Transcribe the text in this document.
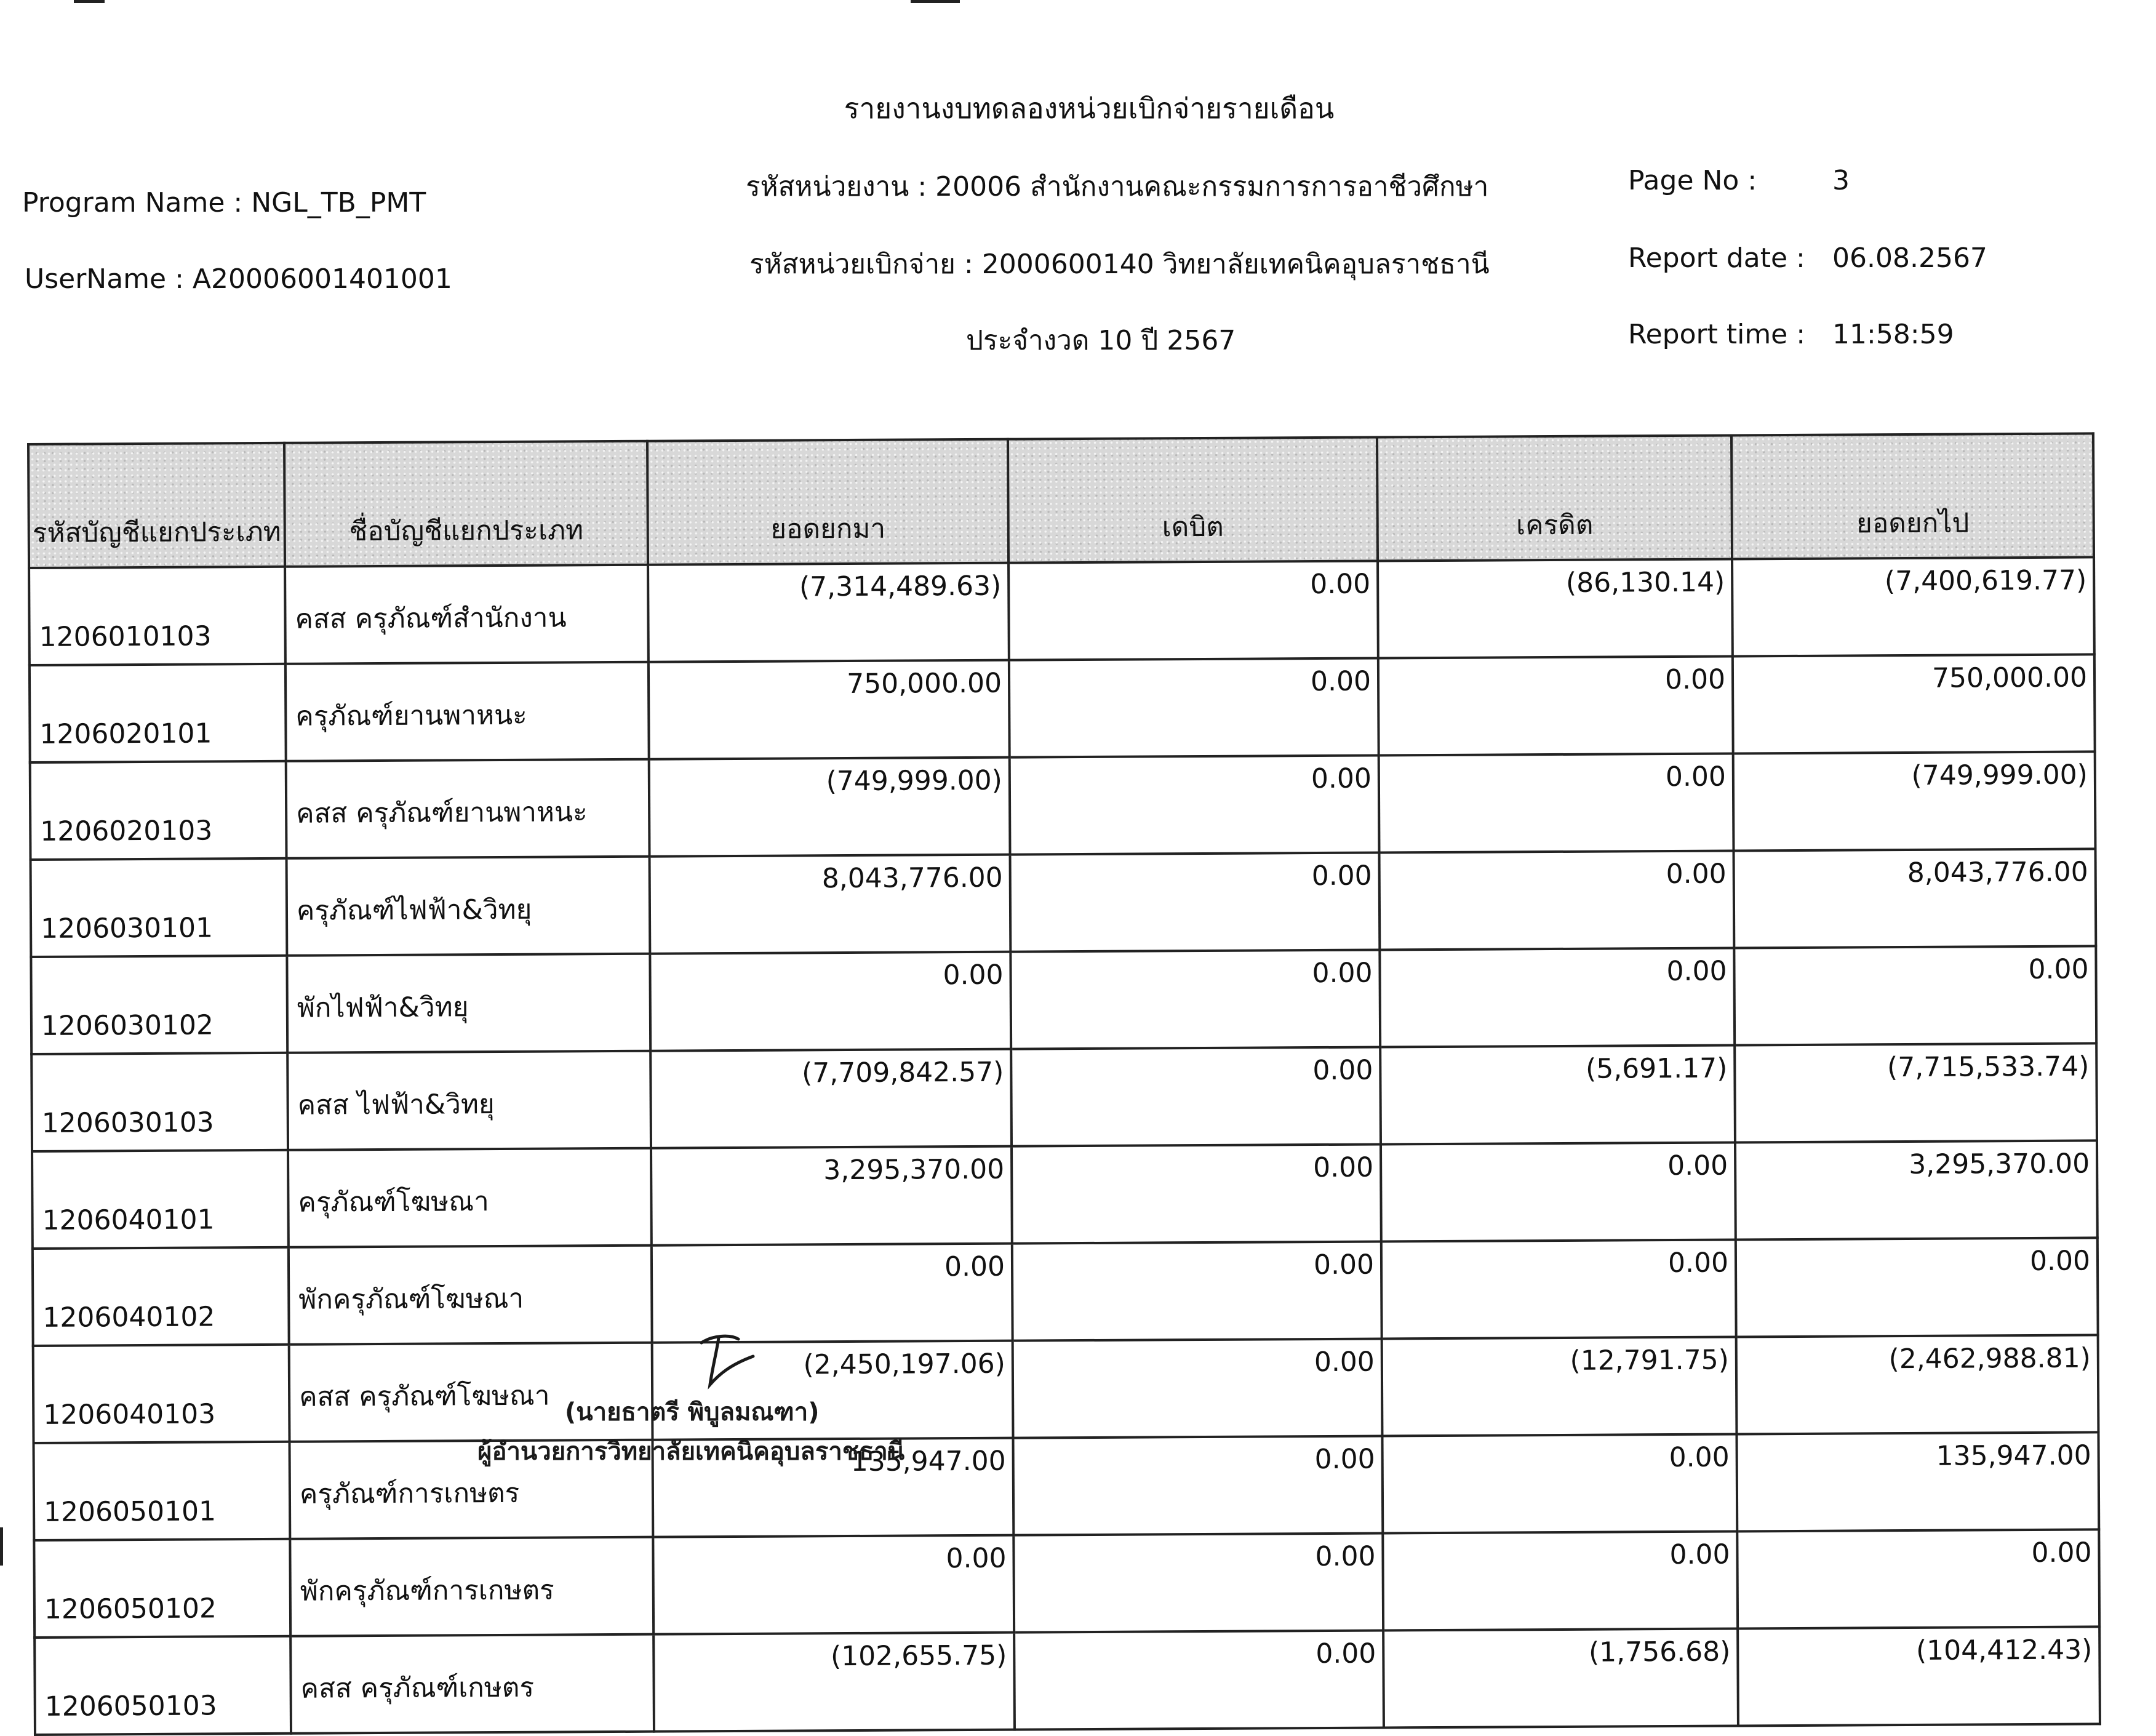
รายงานงบทดลองหน่วยเบิกจ่ายรายเดือน
Program Name : NGL_TB_PMT
UserName : A20006001401001
รหัสหน่วยงาน : 20006 สำนักงานคณะกรรมการการอาชีวศึกษา
รหัสหน่วยเบิกจ่าย : 2000600140 วิทยาลัยเทคนิคอุบลราชธานี
ประจำงวด 10 ปี 2567
Page No :	3
Report date : 06.08.2567
Report time : 11:58:59
รหัสบัญชีแยกประเภท	ชื่อบัญชีแยกประเภท	ยอดยกมา	เดบิต	เครดิต	ยอดยกไป
1206010103	คสส ครุภัณฑ์สำนักงาน	(7,314,489.63)	0.00	(86,130.14)	(7,400,619.77)
1206020101	ครุภัณฑ์ยานพาหนะ	750,000.00	0.00	0.00	750,000.00
1206020103	คสส ครุภัณฑ์ยานพาหนะ	(749,999.00)	0.00	0.00	(749,999.00)
1206030101	ครุภัณฑ์ไฟฟ้า&วิทยุ	8,043,776.00	0.00	0.00	8,043,776.00
1206030102	พักไฟฟ้า&วิทยุ	0.00	0.00	0.00	0.00
1206030103	คสส ไฟฟ้า&วิทยุ	(7,709,842.57)	0.00	(5,691.17)	(7,715,533.74)
1206040101	ครุภัณฑ์โฆษณา	3,295,370.00	0.00	0.00	3,295,370.00
1206040102	พักครุภัณฑ์โฆษณา	0.00	0.00	0.00	0.00
1206040103	คสส ครุภัณฑ์โฆษณา	(2,450,197.06)	0.00	(12,791.75)	(2,462,988.81)
1206050101	ครุภัณฑ์การเกษตร	135,947.00	0.00	0.00	135,947.00
1206050102	พักครุภัณฑ์การเกษตร	0.00	0.00	0.00	0.00
1206050103	คสส ครุภัณฑ์เกษตร	(102,655.75)	0.00	(1,756.68)	(104,412.43)
(นายธาตรี พิบูลมณฑา)
ผู้อำนวยการวิทยาลัยเทคนิคอุบลราชธานี
